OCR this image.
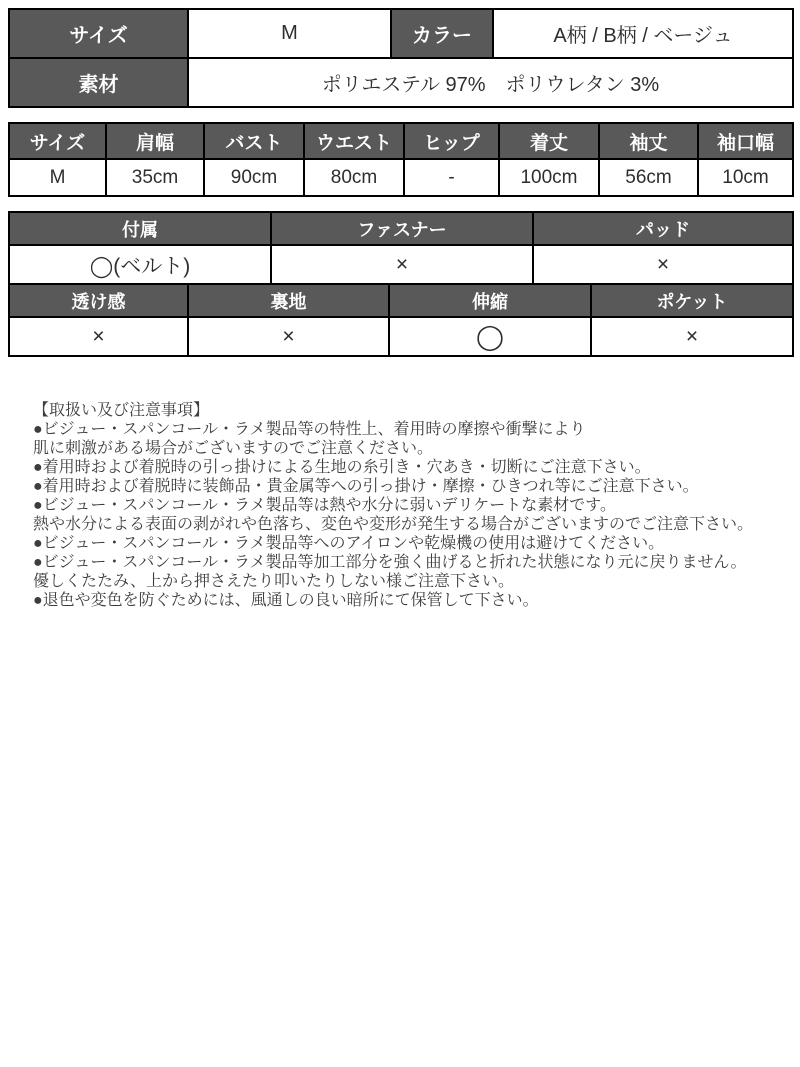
サイズ	M	カラー	A柄 / B柄 / ベージュ
素材	ポリエステル 97%　ポリウレタン 3%		
サイズ	肩幅	バスト	ウエスト	ヒップ	着丈	袖丈	袖口幅
M	35cm	90cm	80cm	-	100cm	56cm	10cm
付属	ファスナー	パッド
◯(ベルト)	×	×
透け感	裏地	伸縮	ポケット
×	×	◯	×
【取扱い及び注意事項】
●ビジュー・スパンコール・ラメ製品等の特性上、着用時の摩擦や衝撃により
肌に刺激がある場合がございますのでご注意ください。
●着用時および着脱時の引っ掛けによる生地の糸引き・穴あき・切断にご注意下さい。
●着用時および着脱時に装飾品・貴金属等への引っ掛け・摩擦・ひきつれ等にご注意下さい。
●ビジュー・スパンコール・ラメ製品等は熱や水分に弱いデリケートな素材です。
熱や水分による表面の剥がれや色落ち、変色や変形が発生する場合がございますのでご注意下さい。
●ビジュー・スパンコール・ラメ製品等へのアイロンや乾燥機の使用は避けてください。
●ビジュー・スパンコール・ラメ製品等加工部分を強く曲げると折れた状態になり元に戻りません。
優しくたたみ、上から押さえたり叩いたりしない様ご注意下さい。
●退色や変色を防ぐためには、風通しの良い暗所にて保管して下さい。
